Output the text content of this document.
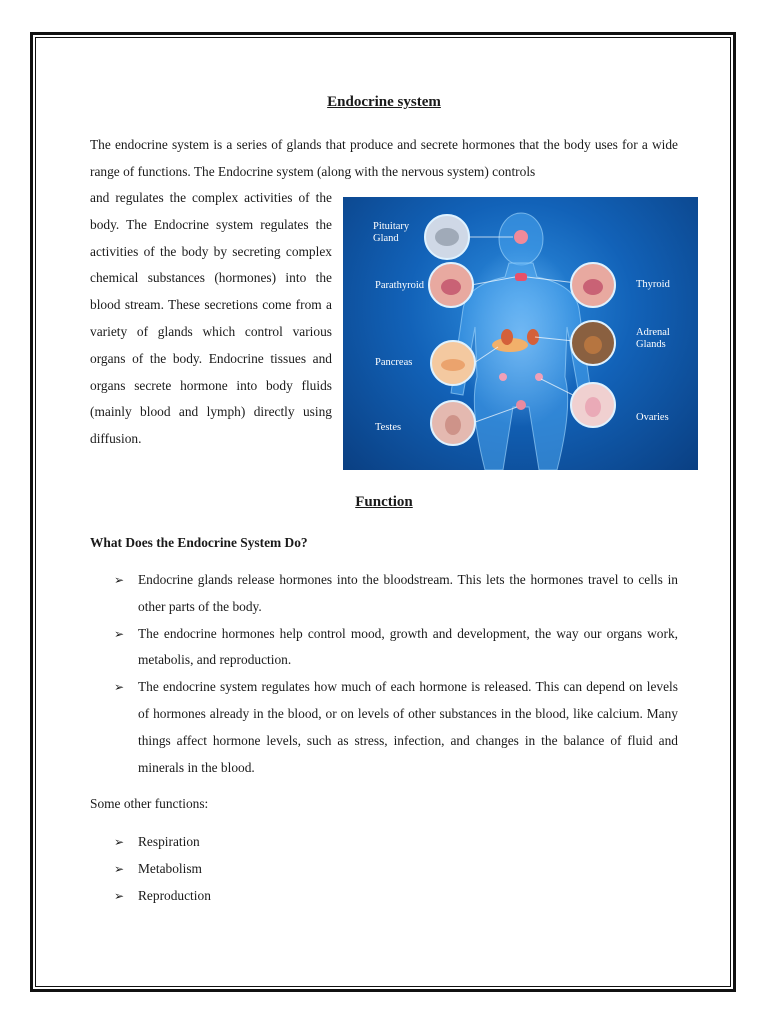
Endocrine system

The endocrine system is a series of glands that produce and secrete hormones that the body uses for a wide range of functions. The Endocrine system (along with the nervous system) controls

and regulates the complex activities of the body. The Endocrine system regulates the activities of the body by secreting complex chemical substances (hormones) into the blood stream. These secretions come from a variety of glands which control various organs of the body. Endocrine tissues and organs secrete hormone into body fluids (mainly blood and lymph) directly using diffusion.

Pituitary Gland
Parathyroid
Pancreas
Testes
Thyroid
Adrenal Glands
Ovaries
Function
What Does the Endocrine System Do?
➢ Endocrine glands release hormones into the bloodstream. This lets the hormones travel to cells in other parts of the body.
➢ The endocrine hormones help control mood, growth and development, the way our organs work, metabolis, and reproduction.
➢ The endocrine system regulates how much of each hormone is released. This can depend on levels of hormones already in the blood, or on levels of other substances in the blood, like calcium. Many things affect hormone levels, such as stress, infection, and changes in the balance of fluid and minerals in the blood.
Some other functions:
➢ Respiration
➢ Metabolism
➢ Reproduction
